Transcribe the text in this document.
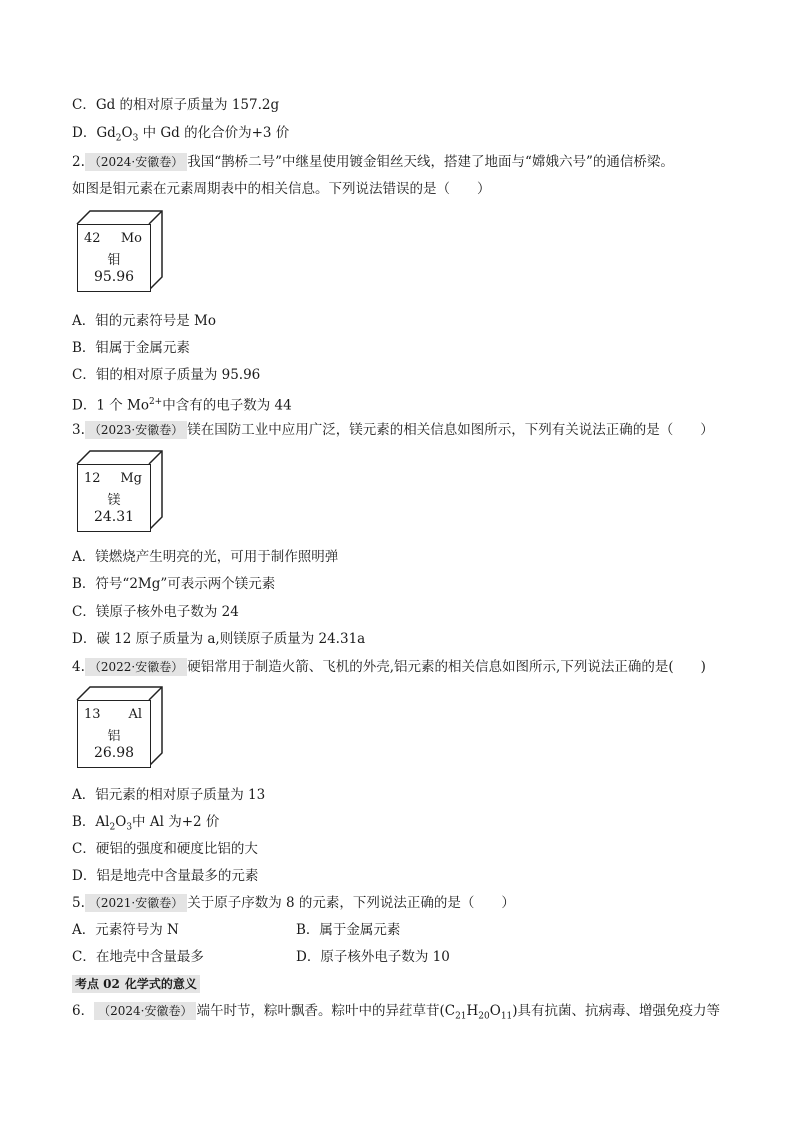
C．Gd 的相对原子质量为 157.2g
D．$Gd_2O_3$ 中 Gd 的化合价为+3 价
2. （2024·安徽卷） 我国“鹊桥二号”中继星使用镀金钼丝天线，搭建了地面与“嫦娥六号”的通信桥梁。
如图是钼元素在元素周期表中的相关信息。下列说法错误的是（　　）
42 Mo
钼
95.96
A．钼的元素符号是 Mo
B．钼属于金属元素
C．钼的相对原子质量为 95.96
D．1 个 $Mo^{2+}$中含有的电子数为 44
3. （2023·安徽卷） 镁在国防工业中应用广泛，镁元素的相关信息如图所示，下列有关说法正确的是（　　）
12 Mg
镁
24.31
A．镁燃烧产生明亮的光，可用于制作照明弹
B．符号“2Mg”可表示两个镁元素
C．镁原子核外电子数为 24
D．碳 12 原子质量为 a,则镁原子质量为 24.31a
4. （2022·安徽卷） 硬铝常用于制造火箭、飞机的外壳,铝元素的相关信息如图所示,下列说法正确的是(　　)
13 Al
铝
26.98
A．铝元素的相对原子质量为 13
B．$Al_2O_3$中 Al 为+2 价
C．硬铝的强度和硬度比铝的大
D．铝是地壳中含量最多的元素
5. （2021·安徽卷） 关于原子序数为 8 的元素，下列说法正确的是（　　）
A．元素符号为 N	B．属于金属元素
C．在地壳中含量最多	D．原子核外电子数为 10
考点 02 化学式的意义
6． （2024·安徽卷） 端午时节，粽叶飘香。粽叶中的异荭草苷$(C_{21}H_{20}O_{11})$具有抗菌、抗病毒、增强免疫力等
